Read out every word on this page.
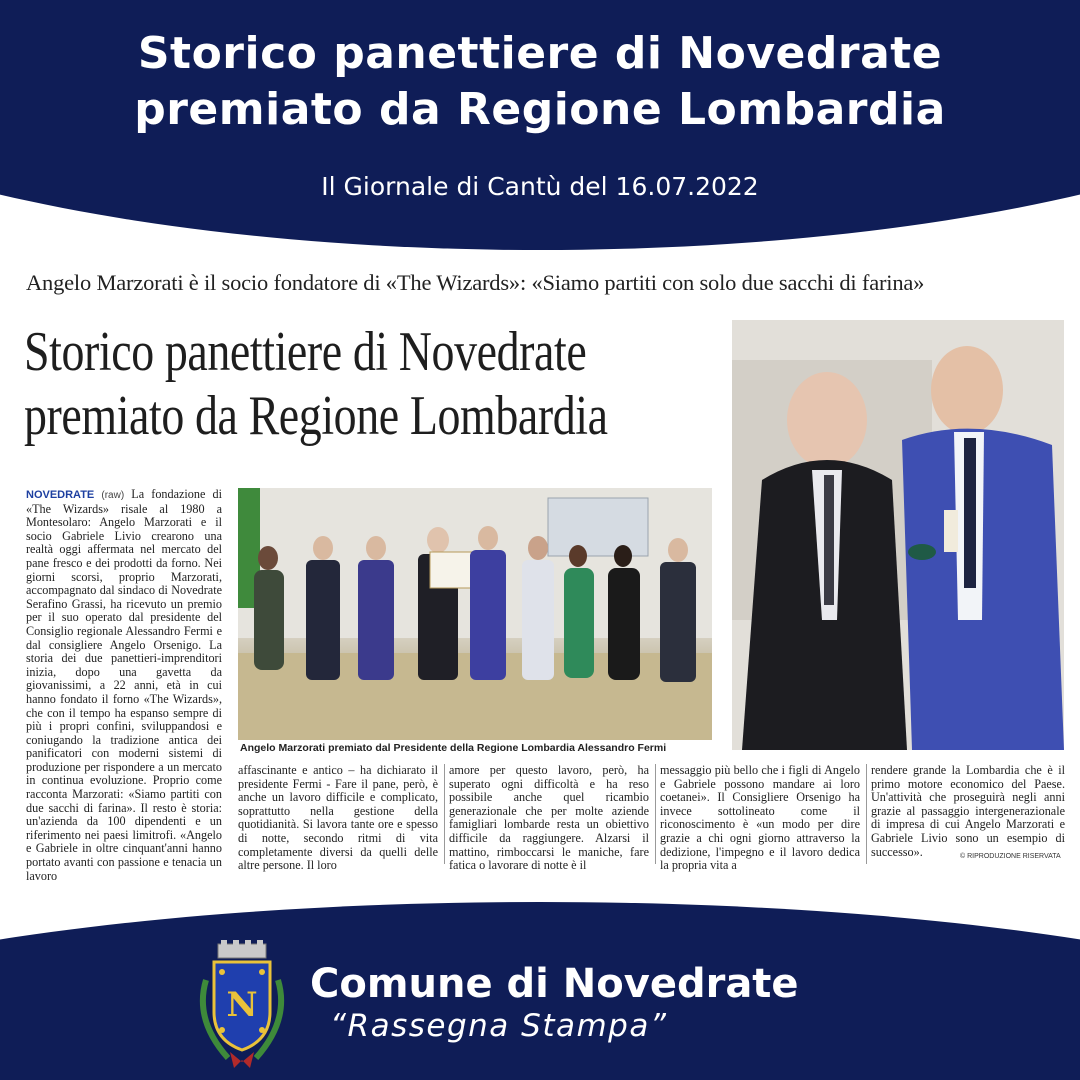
Storico panettiere di Novedrate
premiato da Regione Lombardia
Il Giornale di Cantù del 16.07.2022
Angelo Marzorati è il socio fondatore di «The Wizards»: «Siamo partiti con solo due sacchi di farina»
Storico panettiere di Novedrate
premiato da Regione Lombardia
Angelo Marzorati premiato dal Presidente della Regione Lombardia Alessandro Fermi
NOVEDRATE (raw) La fondazione di «The Wizards» risale al 1980 a Montesolaro: Angelo Marzorati e il socio Gabriele Livio crearono una realtà oggi affermata nel mercato del pane fresco e dei prodotti da forno. Nei giorni scorsi, proprio Marzorati, accompagnato dal sindaco di Novedrate Serafino Grassi, ha ricevuto un premio per il suo operato dal presidente del Consiglio regionale Alessandro Fermi e dal consigliere Angelo Orsenigo. La storia dei due panettieri-imprenditori inizia, dopo una gavetta da giovanissimi, a 22 anni, età in cui hanno fondato il forno «The Wizards», che con il tempo ha espanso sempre di più i propri confini, sviluppandosi e coniugando la tradizione antica dei panificatori con moderni sistemi di produzione per rispondere a un mercato in continua evoluzione. Proprio come racconta Marzorati: «Siamo partiti con due sacchi di farina». Il resto è storia: un'azienda da 100 dipendenti e un riferimento nei paesi limitrofi. «Angelo e Gabriele in oltre cinquant'anni hanno portato avanti con passione e tenacia un lavoro
affascinante e antico – ha dichiarato il presidente Fermi - Fare il pane, però, è anche un lavoro difficile e complicato, soprattutto nella gestione della quotidianità. Si lavora tante ore e spesso di notte, secondo ritmi di vita completamente diversi da quelli delle altre persone. Il loro
amore per questo lavoro, però, ha superato ogni difficoltà e ha reso possibile anche quel ricambio generazionale che per molte aziende famigliari lombarde resta un obiettivo difficile da raggiungere. Alzarsi il mattino, rimboccarsi le maniche, fare fatica o lavorare di notte è il
messaggio più bello che i figli di Angelo e Gabriele possono mandare ai loro coetanei». Il Consigliere Orsenigo ha invece sottolineato come il riconoscimento è «un modo per dire grazie a chi ogni giorno attraverso la dedizione, l'impegno e il lavoro dedica la propria vita a
rendere grande la Lombardia che è il primo motore economico del Paese. Un'attività che proseguirà negli anni grazie al passaggio intergenerazionale di impresa di cui Angelo Marzorati e Gabriele Livio sono un esempio di successo».	© RIPRODUZIONE RISERVATA
N Comune di Novedrate
“Rassegna Stampa”
